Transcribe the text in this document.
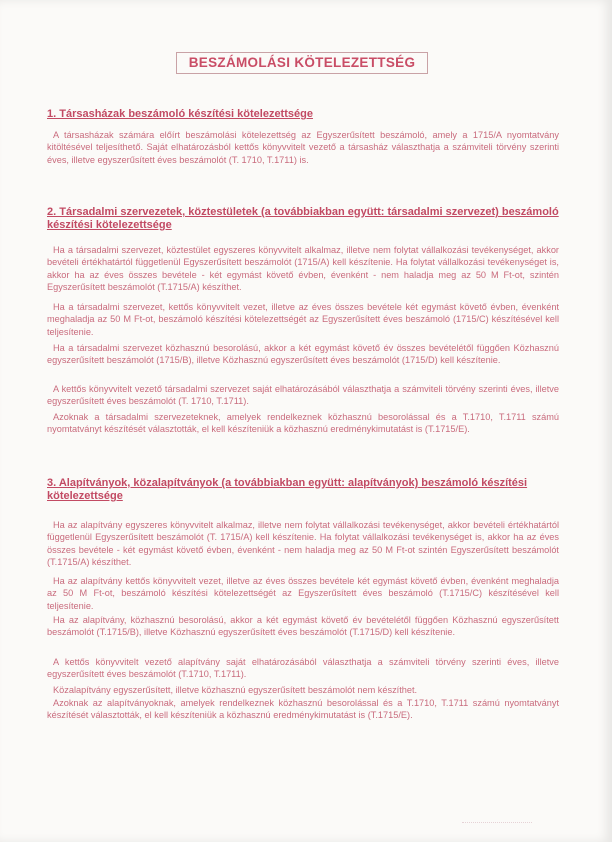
BESZÁMOLÁSI KÖTELEZETTSÉG
1. Társasházak beszámoló készítési kötelezettsége
A társasházak számára előírt beszámolási kötelezettség az Egyszerűsített beszámoló, amely a 1715/A nyomtatvány kitöltésével teljesíthető. Saját elhatározásból kettős könyvvitelt vezető a társasház választhatja a számviteli törvény szerinti éves, illetve egyszerűsített éves beszámolót (T. 1710, T.1711) is.
2. Társadalmi szervezetek, köztestületek (a továbbiakban együtt: társadalmi szervezet) beszámoló készítési kötelezettsége
Ha a társadalmi szervezet, köztestület egyszeres könyvvitelt alkalmaz, illetve nem folytat vállalkozási tevékenységet, akkor bevételi értékhatártól függetlenül Egyszerűsített beszámolót (1715/A) kell készítenie. Ha folytat vállalkozási tevékenységet is, akkor ha az éves összes bevétele - két egymást követő évben, évenként - nem haladja meg az 50 M Ft-ot, szintén Egyszerűsített beszámolót (T.1715/A) készíthet.
Ha a társadalmi szervezet, kettős könyvvitelt vezet, illetve az éves összes bevétele két egymást követő évben, évenként meghaladja az 50 M Ft-ot, beszámoló készítési kötelezettségét az Egyszerűsített éves beszámoló (1715/C) készítésével kell teljesítenie.
Ha a társadalmi szervezet közhasznú besorolású, akkor a két egymást követő év összes bevételétől függően Közhasznú egyszerűsített beszámolót (1715/B), illetve Közhasznú egyszerűsített éves beszámolót (1715/D) kell készítenie.
A kettős könyvvitelt vezető társadalmi szervezet saját elhatározásából választhatja a számviteli törvény szerinti éves, illetve egyszerűsített éves beszámolót (T. 1710, T.1711).
Azoknak a társadalmi szervezeteknek, amelyek rendelkeznek közhasznú besorolással és a T.1710, T.1711 számú nyomtatványt készítését választották, el kell készíteniük a közhasznú eredménykimutatást is (T.1715/E).
3. Alapítványok, közalapítványok (a továbbiakban együtt: alapítványok) beszámoló készítési kötelezettsége
Ha az alapítvány egyszeres könyvvitelt alkalmaz, illetve nem folytat vállalkozási tevékenységet, akkor bevételi értékhatártól függetlenül Egyszerűsített beszámolót (T. 1715/A) kell készítenie. Ha folytat vállalkozási tevékenységet is, akkor ha az éves összes bevétele - két egymást követő évben, évenként - nem haladja meg az 50 M Ft-ot szintén Egyszerűsített beszámolót (T.1715/A) készíthet.
Ha az alapítvány kettős könyvvitelt vezet, illetve az éves összes bevétele két egymást követő évben, évenként meghaladja az 50 M Ft-ot, beszámoló készítési kötelezettségét az Egyszerűsített éves beszámoló (T.1715/C) készítésével kell teljesítenie.
Ha az alapítvány, közhasznú besorolású, akkor a két egymást követő év bevételétől függően Közhasznú egyszerűsített beszámolót (T.1715/B), illetve Közhasznú egyszerűsített éves beszámolót (T.1715/D) kell készítenie.
A kettős könyvvitelt vezető alapítvány saját elhatározásából választhatja a számviteli törvény szerinti éves, illetve egyszerűsített éves beszámolót (T.1710, T.1711).
Közalapítvány egyszerűsített, illetve közhasznú egyszerűsített beszámolót nem készíthet.
Azoknak az alapítványoknak, amelyek rendelkeznek közhasznú besorolással és a T.1710, T.1711 számú nyomtatványt készítését választották, el kell készíteniük a közhasznú eredménykimutatást is (T.1715/E).
